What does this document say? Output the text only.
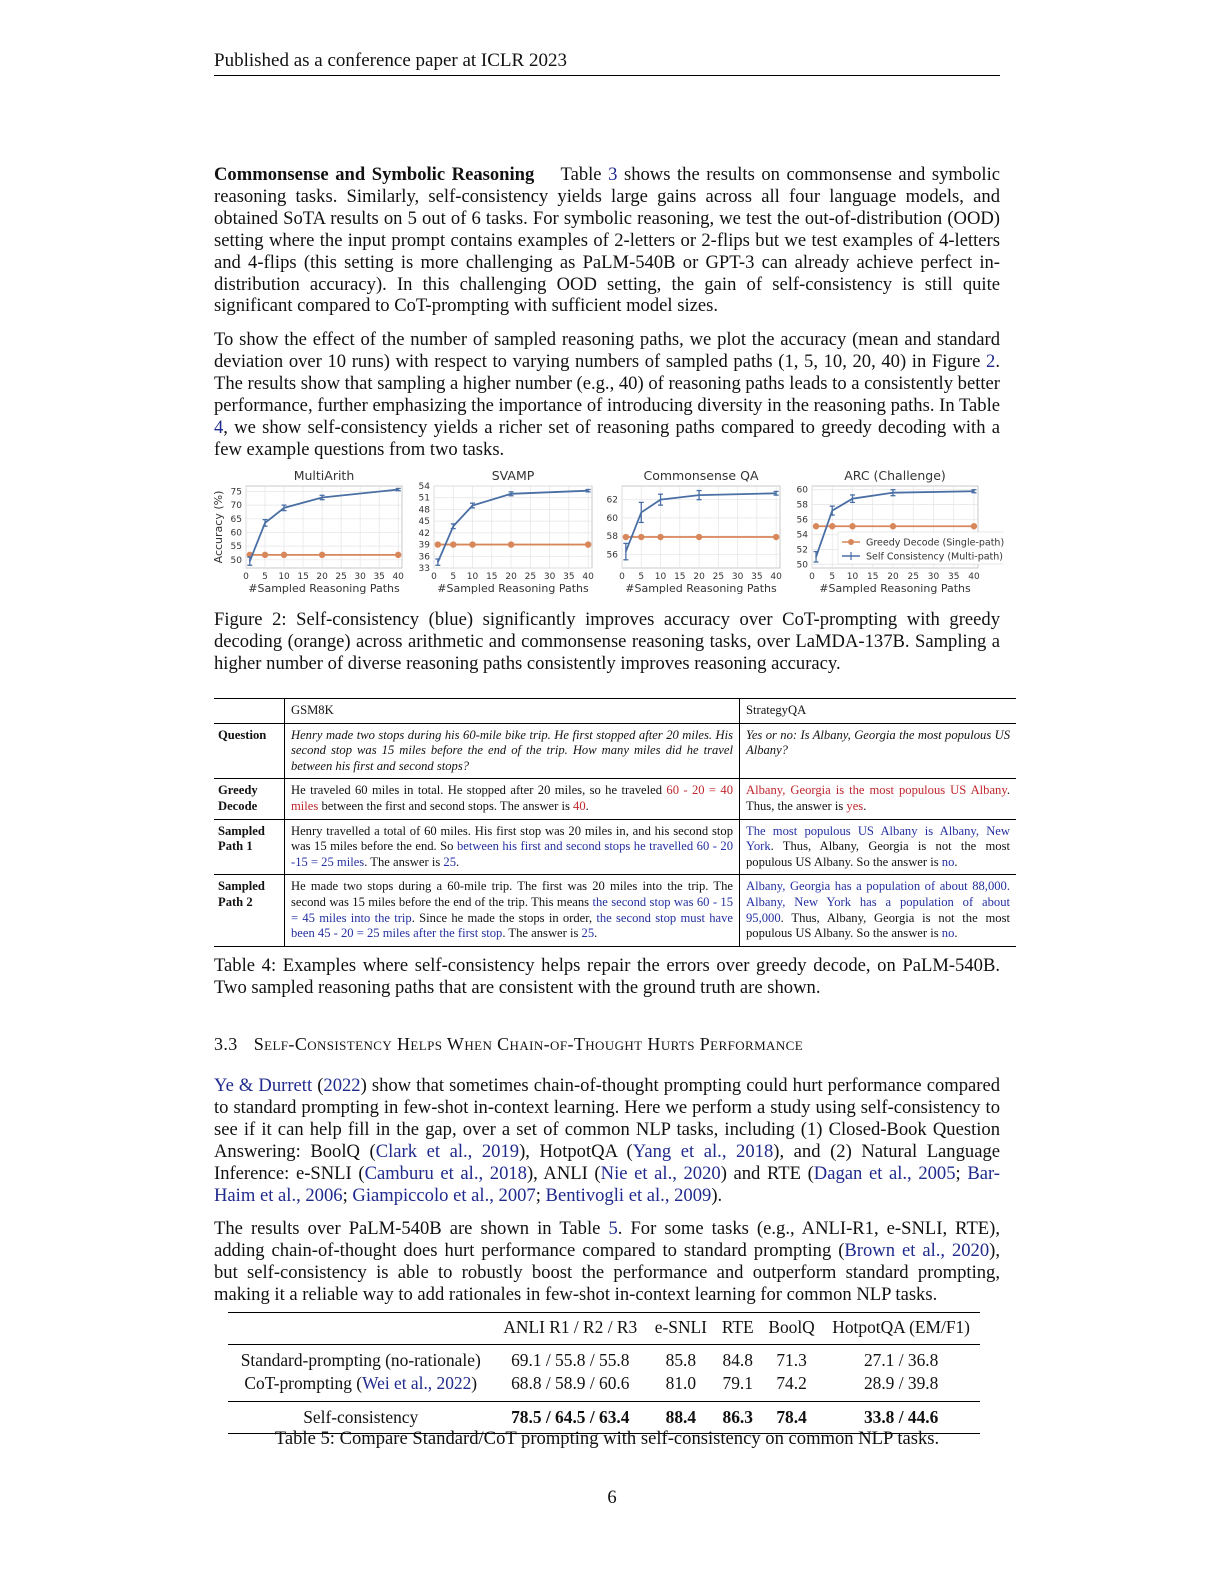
Published as a conference paper at ICLR 2023

Commonsense and Symbolic Reasoning Table 3 shows the results on commonsense and symbolic reasoning tasks. Similarly, self-consistency yields large gains across all four language models, and obtained SoTA results on 5 out of 6 tasks. For symbolic reasoning, we test the out-of-distribution (OOD) setting where the input prompt contains examples of 2-letters or 2-flips but we test examples of 4-letters and 4-flips (this setting is more challenging as PaLM-540B or GPT-3 can already achieve perfect in-distribution accuracy). In this challenging OOD setting, the gain of self-consistency is still quite significant compared to CoT-prompting with sufficient model sizes.

To show the effect of the number of sampled reasoning paths, we plot the accuracy (mean and standard deviation over 10 runs) with respect to varying numbers of sampled paths (1, 5, 10, 20, 40) in Figure 2. The results show that sampling a higher number (e.g., 40) of reasoning paths leads to a consistently better performance, further emphasizing the importance of introducing diversity in the reasoning paths. In Table 4, we show self-consistency yields a richer set of reasoning paths compared to greedy decoding with a few example questions from two tasks.

0 5 10 15 20 25 30 35 40
50
55
60
65
70
75
MultiArith
#Sampled Reasoning Paths
Accuracy (%)
0 5 10 15 20 25 30 35 40
33
36
39
42
45
48
51
54
SVAMP
#Sampled Reasoning Paths
0 5 10 15 20 25 30 35 40
56
58
60
62
Commonsense QA
#Sampled Reasoning Paths
0 5 10 15 20 25 30 35 40
50
52
54
56
58
60
ARC (Challenge)
#Sampled Reasoning Paths
Greedy Decode (Single-path)
Self Consistency (Multi-path)

Figure 2: Self-consistency (blue) significantly improves accuracy over CoT-prompting with greedy decoding (orange) across arithmetic and commonsense reasoning tasks, over LaMDA-137B. Sampling a higher number of diverse reasoning paths consistently improves reasoning accuracy.

	GSM8K	StrategyQA
Question	Henry made two stops during his 60-mile bike trip. He first stopped after 20 miles. His second stop was 15 miles before the end of the trip. How many miles did he travel between his first and second stops?	Yes or no: Is Albany, Georgia the most populous US Albany?
Greedy Decode	He traveled 60 miles in total. He stopped after 20 miles, so he traveled 60 - 20 = 40 miles between the first and second stops. The answer is 40.	Albany, Georgia is the most populous US Albany. Thus, the answer is yes.
Sampled Path 1	Henry travelled a total of 60 miles. His first stop was 20 miles in, and his second stop was 15 miles before the end. So between his first and second stops he travelled 60 - 20 -15 = 25 miles. The answer is 25.	The most populous US Albany is Albany, New York. Thus, Albany, Georgia is not the most populous US Albany. So the answer is no.
Sampled Path 2	He made two stops during a 60-mile trip. The first was 20 miles into the trip. The second was 15 miles before the end of the trip. This means the second stop was 60 - 15 = 45 miles into the trip. Since he made the stops in order, the second stop must have been 45 - 20 = 25 miles after the first stop. The answer is 25.	Albany, Georgia has a population of about 88,000. Albany, New York has a population of about 95,000. Thus, Albany, Georgia is not the most populous US Albany. So the answer is no.

Table 4: Examples where self-consistency helps repair the errors over greedy decode, on PaLM-540B. Two sampled reasoning paths that are consistent with the ground truth are shown.

3.3 Self-Consistency Helps When Chain-of-Thought Hurts Performance

Ye & Durrett (2022) show that sometimes chain-of-thought prompting could hurt performance compared to standard prompting in few-shot in-context learning. Here we perform a study using self-consistency to see if it can help fill in the gap, over a set of common NLP tasks, including (1) Closed-Book Question Answering: BoolQ (Clark et al., 2019), HotpotQA (Yang et al., 2018), and (2) Natural Language Inference: e-SNLI (Camburu et al., 2018), ANLI (Nie et al., 2020) and RTE (Dagan et al., 2005; Bar-Haim et al., 2006; Giampiccolo et al., 2007; Bentivogli et al., 2009).

The results over PaLM-540B are shown in Table 5. For some tasks (e.g., ANLI-R1, e-SNLI, RTE), adding chain-of-thought does hurt performance compared to standard prompting (Brown et al., 2020), but self-consistency is able to robustly boost the performance and outperform standard prompting, making it a reliable way to add rationales in few-shot in-context learning for common NLP tasks.

	ANLI R1 / R2 / R3	e-SNLI	RTE	BoolQ	HotpotQA (EM/F1)
Standard-prompting (no-rationale)	69.1 / 55.8 / 55.8	85.8	84.8	71.3	27.1 / 36.8
CoT-prompting (Wei et al., 2022)	68.8 / 58.9 / 60.6	81.0	79.1	74.2	28.9 / 39.8
Self-consistency	78.5 / 64.5 / 63.4	88.4	86.3	78.4	33.8 / 44.6
Table 5: Compare Standard/CoT prompting with self-consistency on common NLP tasks.
6
